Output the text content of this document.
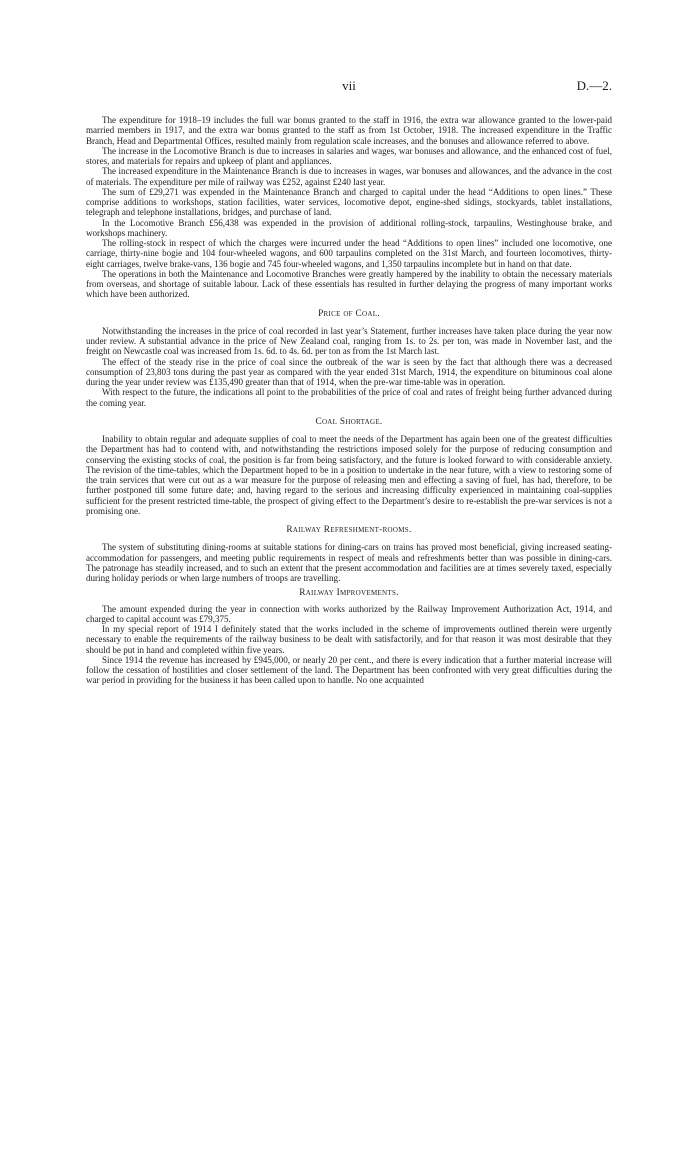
vii	D.—2.

The expenditure for 1918–19 includes the full war bonus granted to the staff in 1916, the extra war allowance granted to the lower-paid married members in 1917, and the extra war bonus granted to the staff as from 1st October, 1918. The increased expenditure in the Traffic Branch, Head and Departmental Offices, resulted mainly from regulation scale increases, and the bonuses and allowance referred to above.

The increase in the Locomotive Branch is due to increases in salaries and wages, war bonuses and allowance, and the enhanced cost of fuel, stores, and materials for repairs and upkeep of plant and appliances.

The increased expenditure in the Maintenance Branch is due to increases in wages, war bonuses and allowances, and the advance in the cost of materials. The expenditure per mile of railway was £252, against £240 last year.

The sum of £29,271 was expended in the Maintenance Branch and charged to capital under the head “Additions to open lines.” These comprise additions to workshops, station facilities, water services, locomotive depot, engine-shed sidings, stockyards, tablet installations, telegraph and telephone installations, bridges, and purchase of land.

In the Locomotive Branch £56,438 was expended in the provision of additional rolling-stock, tarpaulins, Westinghouse brake, and workshops machinery.

The rolling-stock in respect of which the charges were incurred under the head “Additions to open lines” included one locomotive, one carriage, thirty-nine bogie and 104 four-wheeled wagons, and 600 tarpaulins completed on the 31st March, and fourteen locomotives, thirty-eight carriages, twelve brake-vans, 136 bogie and 745 four-wheeled wagons, and 1,350 tarpaulins incomplete but in hand on that date.

The operations in both the Maintenance and Locomotive Branches were greatly hampered by the inability to obtain the necessary materials from overseas, and shortage of suitable labour. Lack of these essentials has resulted in further delaying the progress of many important works which have been authorized.

Price of Coal.

Notwithstanding the increases in the price of coal recorded in last year’s Statement, further increases have taken place during the year now under review. A substantial advance in the price of New Zealand coal, ranging from 1s. to 2s. per ton, was made in November last, and the freight on Newcastle coal was increased from 1s. 6d. to 4s. 6d. per ton as from the 1st March last.

The effect of the steady rise in the price of coal since the outbreak of the war is seen by the fact that although there was a decreased consumption of 23,803 tons during the past year as compared with the year ended 31st March, 1914, the expenditure on bituminous coal alone during the year under review was £135,490 greater than that of 1914, when the pre-war time-table was in operation.

With respect to the future, the indications all point to the probabilities of the price of coal and rates of freight being further advanced during the coming year.

Coal Shortage.

Inability to obtain regular and adequate supplies of coal to meet the needs of the Department has again been one of the greatest difficulties the Department has had to contend with, and notwithstanding the restrictions imposed solely for the purpose of reducing consumption and conserving the existing stocks of coal, the position is far from being satisfactory, and the future is looked forward to with considerable anxiety. The revision of the time-tables, which the Department hoped to be in a position to undertake in the near future, with a view to restoring some of the train services that were cut out as a war measure for the purpose of releasing men and effecting a saving of fuel, has had, therefore, to be further postponed till some future date; and, having regard to the serious and increasing difficulty experienced in maintaining coal-supplies sufficient for the present restricted time-table, the prospect of giving effect to the Department’s desire to re-establish the pre-war services is not a promising one.

Railway Refreshment-rooms.

The system of substituting dining-rooms at suitable stations for dining-cars on trains has proved most beneficial, giving increased seating-accommodation for passengers, and meeting public requirements in respect of meals and refreshments better than was possible in dining-cars. The patronage has steadily increased, and to such an extent that the present accommodation and facilities are at times severely taxed, especially during holiday periods or when large numbers of troops are travelling.

Railway Improvements.

The amount expended during the year in connection with works authorized by the Railway Improvement Authorization Act, 1914, and charged to capital account was £79,375.

In my special report of 1914 I definitely stated that the works included in the scheme of improvements outlined therein were urgently necessary to enable the requirements of the railway business to be dealt with satisfactorily, and for that reason it was most desirable that they should be put in hand and completed within five years.

Since 1914 the revenue has increased by £945,000, or nearly 20 per cent., and there is every indication that a further material increase will follow the cessation of hostilities and closer settlement of the land. The Department has been confronted with very great difficulties during the war period in providing for the business it has been called upon to handle. No one acquainted
